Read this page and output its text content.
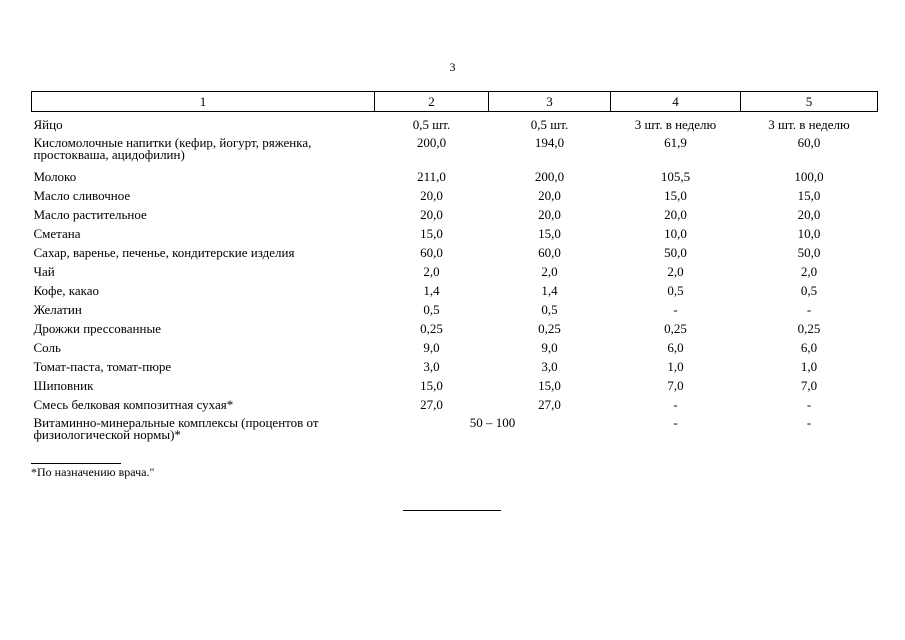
3
1	2	3	4	5
Яйцо	0,5 шт.	0,5 шт.	3 шт. в неделю	3 шт. в неделю
Кисломолочные напитки (кефир, йогурт, ряженка, простокваша, ацидофилин)	200,0	194,0	61,9	60,0
Молоко	211,0	200,0	105,5	100,0
Масло сливочное	20,0	20,0	15,0	15,0
Масло растительное	20,0	20,0	20,0	20,0
Сметана	15,0	15,0	10,0	10,0
Сахар, варенье, печенье, кондитерские изделия	60,0	60,0	50,0	50,0
Чай	2,0	2,0	2,0	2,0
Кофе, какао	1,4	1,4	0,5	0,5
Желатин	0,5	0,5	-	-
Дрожжи прессованные	0,25	0,25	0,25	0,25
Соль	9,0	9,0	6,0	6,0
Томат-паста, томат-пюре	3,0	3,0	1,0	1,0
Шиповник	15,0	15,0	7,0	7,0
Смесь белковая композитная сухая*	27,0	27,0	-	-
Витаминно-минеральные комплексы (процентов от физиологической нормы)*	50 – 100		-	-
*По назначению врача."
